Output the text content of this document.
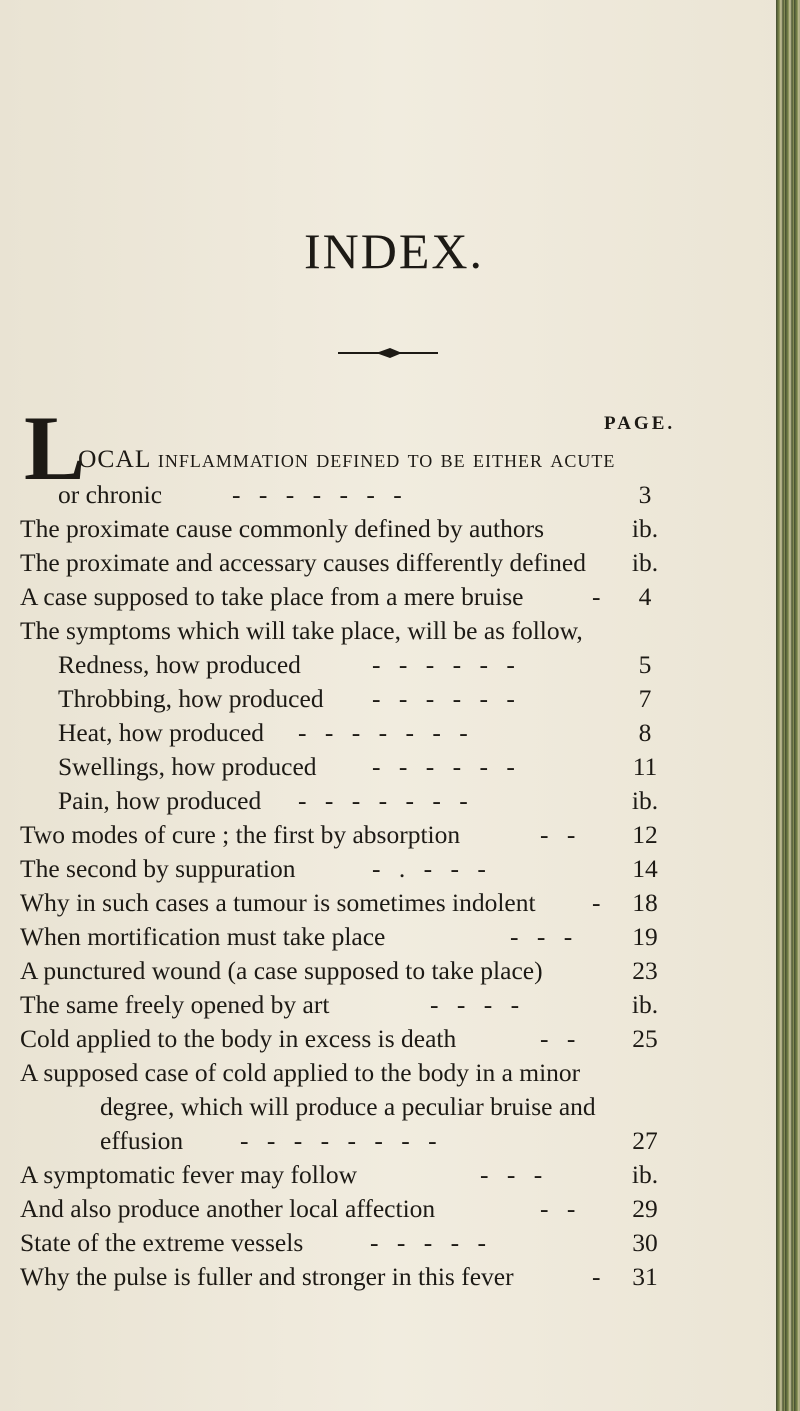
INDEX.
PAGE.
L
OCAL inflammation defined to be either acute
or chronic	- - - - - - -	3
The proximate cause commonly defined by authors	ib.
The proximate and accessary causes differently defined	ib.
A case supposed to take place from a mere bruise	-	4
The symptoms which will take place, will be as follow,
Redness, how produced	- - - - - -	5
Throbbing, how produced - - - - - -	7
Heat, how produced - - - - - - -	8
Swellings, how produced - - - - - -	11
Pain, how produced - - - - - - -	ib.
Two modes of cure ; the first by absorption	- -	12
The second by suppuration	- . - - -	14
Why in such cases a tumour is sometimes indolent -	18
When mortification must take place	- - -	19
A punctured wound (a case supposed to take place)	23
The same freely opened by art	- - - -	ib.
Cold applied to the body in excess is death	- -	25
A supposed case of cold applied to the body in a minor
degree, which will produce a peculiar bruise and
effusion - - - - - - - -	27
A symptomatic fever may follow	- - -	ib.
And also produce another local affection	- -	29
State of the extreme vessels	- - - - -	30
Why the pulse is fuller and stronger in this fever	-	31
